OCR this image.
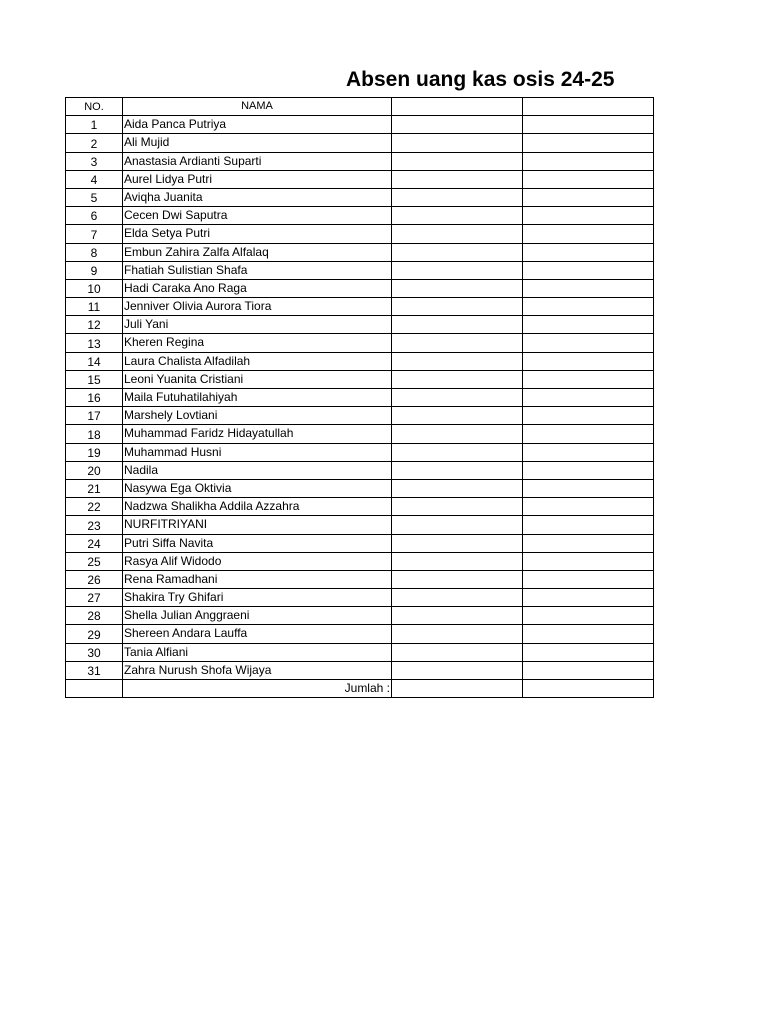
Absen uang kas osis 24-25
NO.	NAMA		
1	Aida Panca Putriya		
2	Ali Mujid		
3	Anastasia Ardianti Suparti		
4	Aurel Lidya Putri		
5	Aviqha Juanita		
6	Cecen Dwi Saputra		
7	Elda Setya Putri		
8	Embun Zahira Zalfa Alfalaq		
9	Fhatiah Sulistian Shafa		
10	Hadi Caraka Ano Raga		
11	Jenniver Olivia Aurora Tiora		
12	Juli Yani		
13	Kheren Regina		
14	Laura Chalista Alfadilah		
15	Leoni Yuanita Cristiani		
16	Maila Futuhatilahiyah		
17	Marshely Lovtiani		
18	Muhammad Faridz Hidayatullah		
19	Muhammad Husni		
20	Nadila		
21	Nasywa Ega Oktivia		
22	Nadzwa Shalikha Addila Azzahra		
23	NURFITRIYANI		
24	Putri Siffa Navita		
25	Rasya Alif Widodo		
26	Rena Ramadhani		
27	Shakira Try Ghifari		
28	Shella Julian Anggraeni		
29	Shereen Andara Lauffa		
30	Tania Alfiani		
31	Zahra Nurush Shofa Wijaya		
	Jumlah :		
